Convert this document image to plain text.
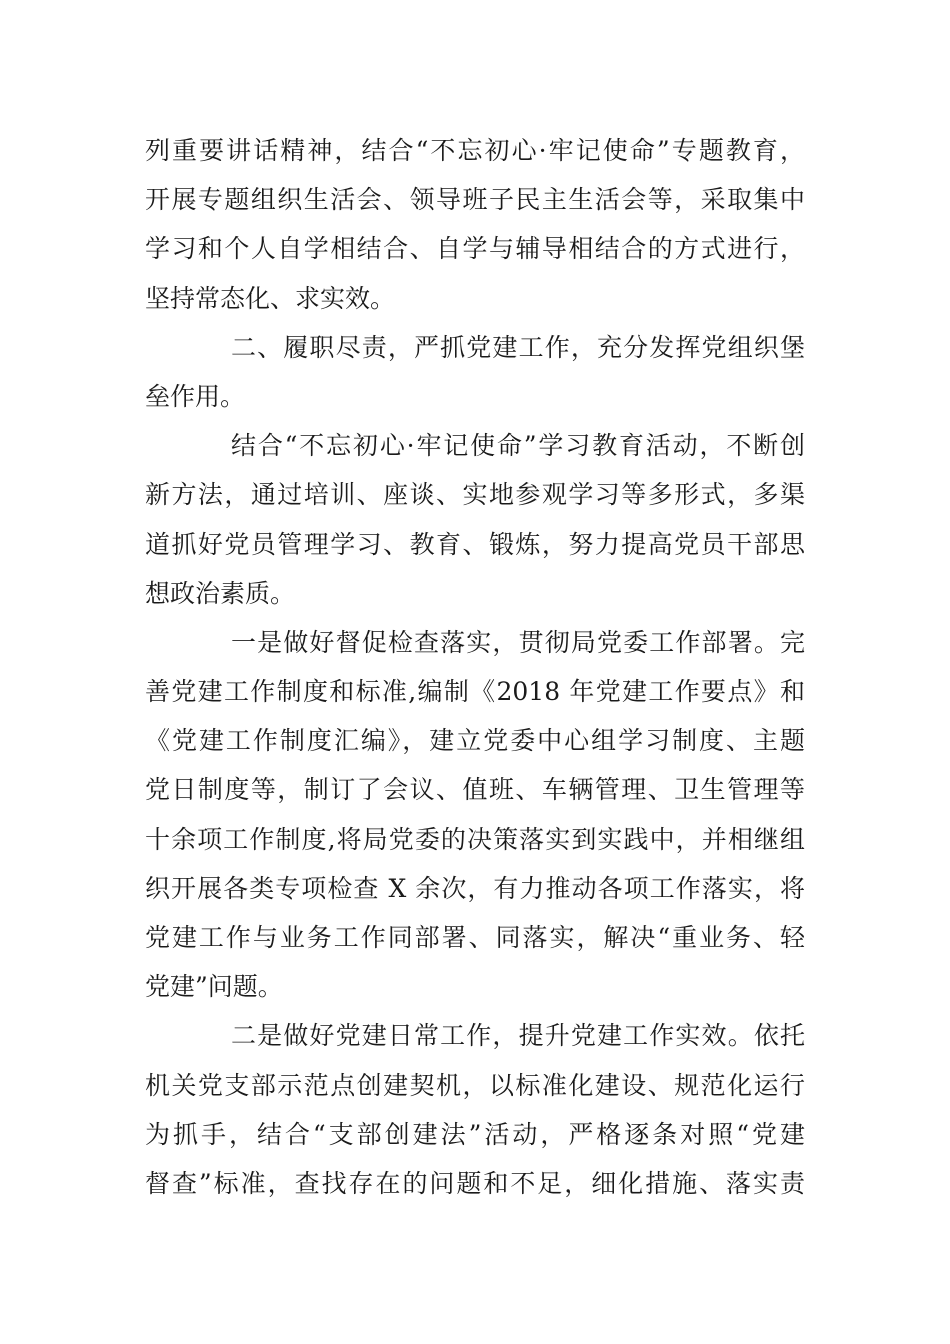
列重要讲话精神，结合“不忘初心·牢记使命”专题教育，
开展专题组织生活会、领导班子民主生活会等，采取集中
学习和个人自学相结合、自学与辅导相结合的方式进行，
坚持常态化、求实效。
二、履职尽责，严抓党建工作，充分发挥党组织堡
垒作用。
结合“不忘初心·牢记使命”学习教育活动，不断创
新方法，通过培训、座谈、实地参观学习等多形式，多渠
道抓好党员管理学习、教育、锻炼，努力提高党员干部思
想政治素质。
一是做好督促检查落实，贯彻局党委工作部署。完
善党建工作制度和标准,编制《2018 年党建工作要点》和
《党建工作制度汇编》，建立党委中心组学习制度、主题
党日制度等，制订了会议、值班、车辆管理、卫生管理等
十余项工作制度,将局党委的决策落实到实践中，并相继组
织开展各类专项检查 X 余次，有力推动各项工作落实，将
党建工作与业务工作同部署、同落实，解决“重业务、轻
党建”问题。
二是做好党建日常工作，提升党建工作实效。依托
机关党支部示范点创建契机，以标准化建设、规范化运行
为抓手，结合“支部创建法”活动，严格逐条对照“党建
督查”标准，查找存在的问题和不足，细化措施、落实责
